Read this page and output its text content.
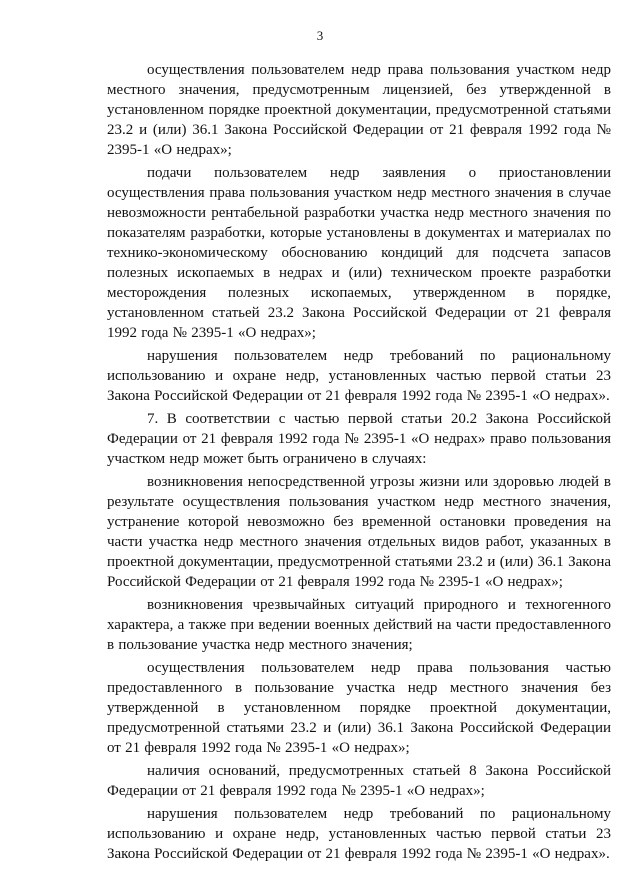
3

осуществления пользователем недр права пользования участком недр местного значения, предусмотренным лицензией, без утвержденной в установленном порядке проектной документации, предусмотренной статьями 23.2 и (или) 36.1 Закона Российской Федерации от 21 февраля 1992 года № 2395-1 «О недрах»;

подачи пользователем недр заявления о приостановлении осуществления права пользования участком недр местного значения в случае невозможности рентабельной разработки участка недр местного значения по показателям разработки, которые установлены в документах и материалах по технико-экономическому обоснованию кондиций для подсчета запасов полезных ископаемых в недрах и (или) техническом проекте разработки месторождения полезных ископаемых, утвержденном в порядке, установленном статьей 23.2 Закона Российской Федерации от 21 февраля 1992 года № 2395-1 «О недрах»;

нарушения пользователем недр требований по рациональному использованию и охране недр, установленных частью первой статьи 23 Закона Российской Федерации от 21 февраля 1992 года № 2395-1 «О недрах».

7. В соответствии с частью первой статьи 20.2 Закона Российской Федерации от 21 февраля 1992 года № 2395-1 «О недрах» право пользования участком недр может быть ограничено в случаях:

возникновения непосредственной угрозы жизни или здоровью людей в результате осуществления пользования участком недр местного значения, устранение которой невозможно без временной остановки проведения на части участка недр местного значения отдельных видов работ, указанных в проектной документации, предусмотренной статьями 23.2 и (или) 36.1 Закона Российской Федерации от 21 февраля 1992 года № 2395-1 «О недрах»;

возникновения чрезвычайных ситуаций природного и техногенного характера, а также при ведении военных действий на части предоставленного в пользование участка недр местного значения;

осуществления пользователем недр права пользования частью предоставленного в пользование участка недр местного значения без утвержденной в установленном порядке проектной документации, предусмотренной статьями 23.2 и (или) 36.1 Закона Российской Федерации от 21 февраля 1992 года № 2395-1 «О недрах»;

наличия оснований, предусмотренных статьей 8 Закона Российской Федерации от 21 февраля 1992 года № 2395-1 «О недрах»;

нарушения пользователем недр требований по рациональному использованию и охране недр, установленных частью первой статьи 23 Закона Российской Федерации от 21 февраля 1992 года № 2395-1 «О недрах».
